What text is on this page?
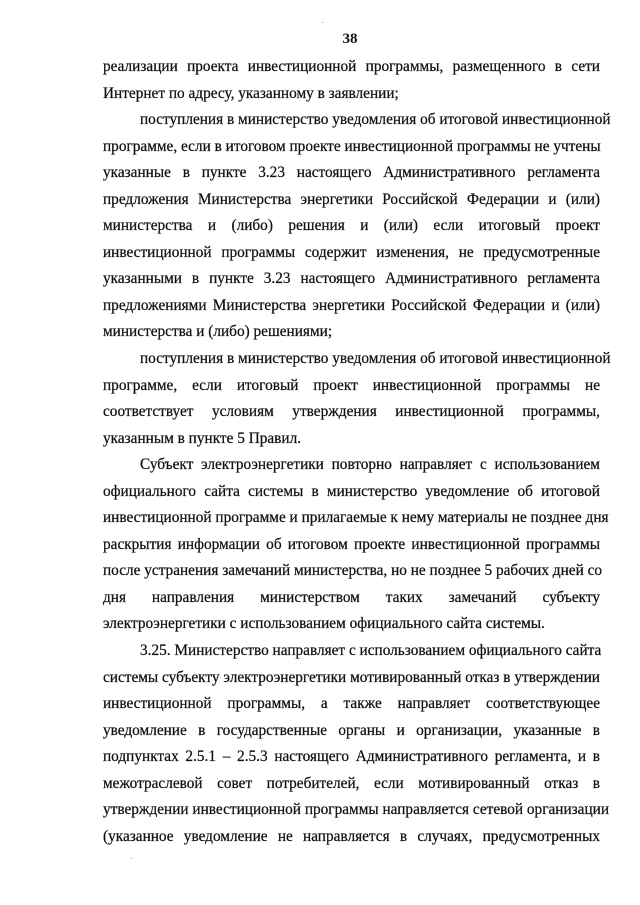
38
реализации проекта инвестиционной программы, размещенного в сети
Интернет по адресу, указанному в заявлении;
поступления в министерство уведомления об итоговой инвестиционной
программе, если в итоговом проекте инвестиционной программы не учтены
указанные в пункте 3.23 настоящего Административного регламента
предложения Министерства энергетики Российской Федерации и (или)
министерства и (либо) решения и (или) если итоговый проект
инвестиционной программы содержит изменения, не предусмотренные
указанными в пункте 3.23 настоящего Административного регламента
предложениями Министерства энергетики Российской Федерации и (или)
министерства и (либо) решениями;
поступления в министерство уведомления об итоговой инвестиционной
программе, если итоговый проект инвестиционной программы не
соответствует условиям утверждения инвестиционной программы,
указанным в пункте 5 Правил.
Субъект электроэнергетики повторно направляет с использованием
официального сайта системы в министерство уведомление об итоговой
инвестиционной программе и прилагаемые к нему материалы не позднее дня
раскрытия информации об итоговом проекте инвестиционной программы
после устранения замечаний министерства, но не позднее 5 рабочих дней со
дня направления министерством таких замечаний субъекту
электроэнергетики с использованием официального сайта системы.
3.25. Министерство направляет с использованием официального сайта
системы субъекту электроэнергетики мотивированный отказ в утверждении
инвестиционной программы, а также направляет соответствующее
уведомление в государственные органы и организации, указанные в
подпунктах 2.5.1 – 2.5.3 настоящего Административного регламента, и в
межотраслевой совет потребителей, если мотивированный отказ в
утверждении инвестиционной программы направляется сетевой организации
(указанное уведомление не направляется в случаях, предусмотренных
